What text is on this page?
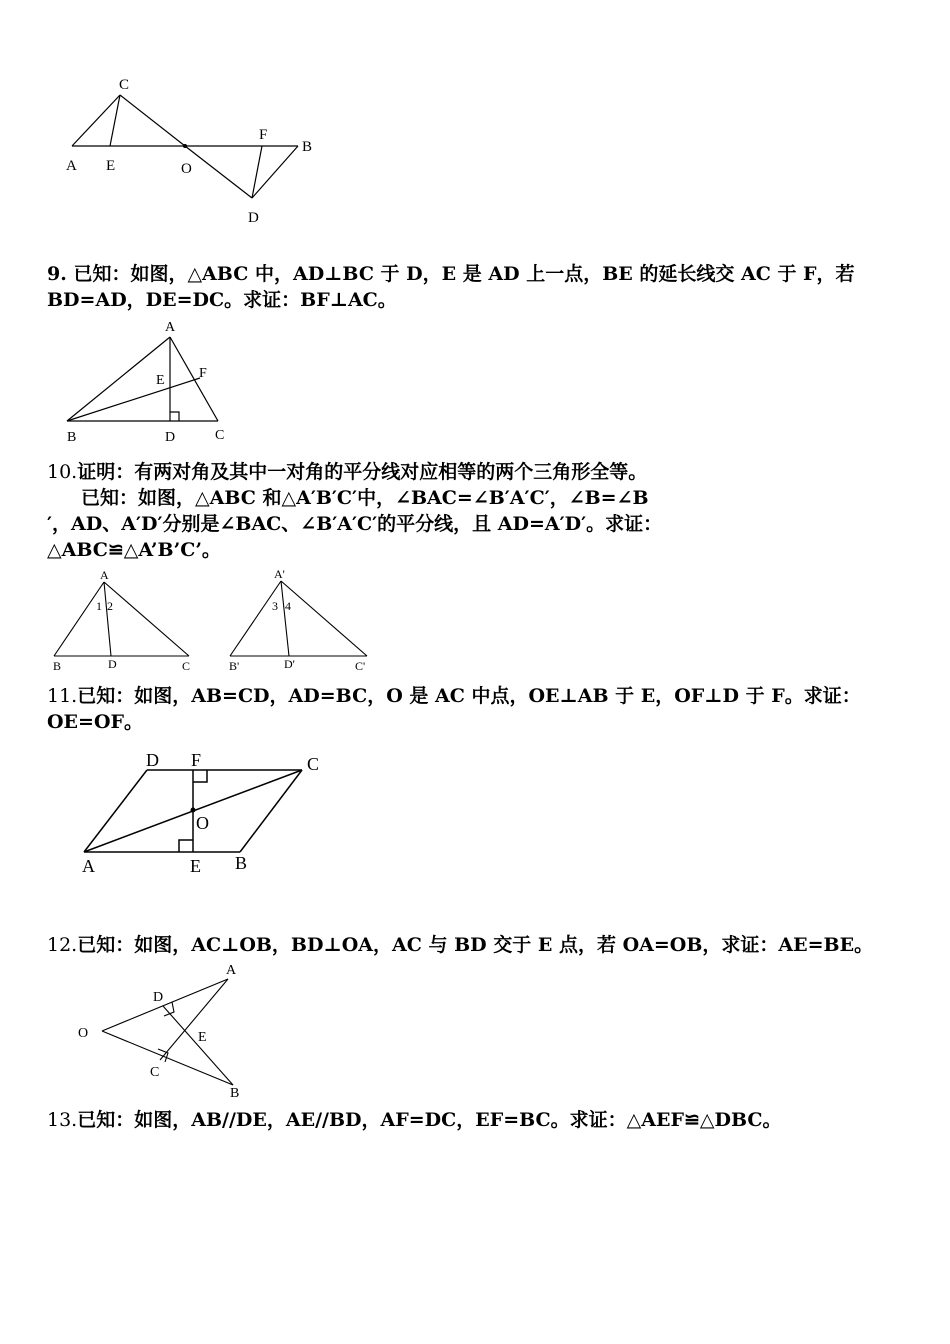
C
A E	O
F
B
D
9. 已知：如图，△ABC 中，AD⊥BC 于 D，E 是 AD 上一点，BE 的延长线交 AC 于 F，若
BD=AD，DE=DC。求证：BF⊥AC。
A
E F
B	D	C
10.证明：有两对角及其中一对角的平分线对应相等的两个三角形全等。
已知：如图，△ABC 和△A′B′C′中，∠BAC=∠B′A′C′，∠B=∠B
′，AD、A′D′分别是∠BAC、∠B′A′C′的平分线，且 AD=A′D′。求证：
△ABC≌△A’B’C’。
A
1 2
B	D	C
A'
3 4
B'	D'	C'
11.已知：如图，AB=CD，AD=BC，O 是 AC 中点，OE⊥AB 于 E，OF⊥D 于 F。求证：
OE=OF。
D F	C
O
A	E B
12.已知：如图，AC⊥OB，BD⊥OA，AC 与 BD 交于 E 点，若 OA=OB，求证：AE=BE。
A
D
O	E
C
B
13.已知：如图，AB//DE，AE//BD，AF=DC，EF=BC。求证：△AEF≌△DBC。
